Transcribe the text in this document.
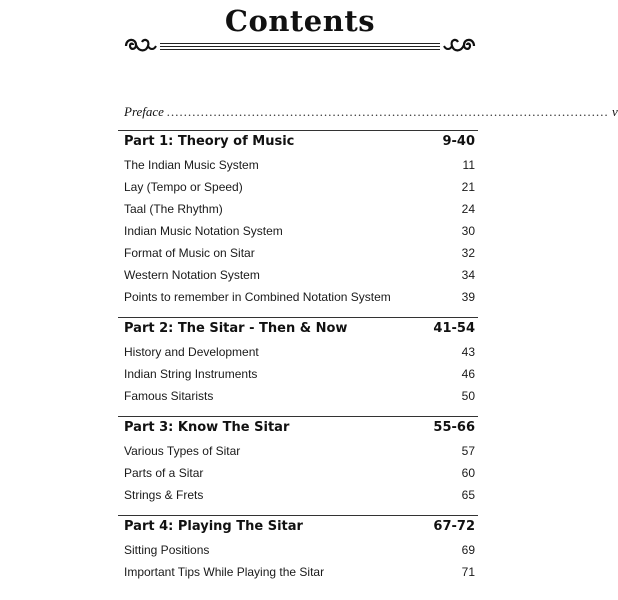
Contents
Preface ........................................................................................................ v
Part 1: Theory of Music	9-40
The Indian Music System	11
Lay (Tempo or Speed)	21
Taal (The Rhythm)	24
Indian Music Notation System	30
Format of Music on Sitar	32
Western Notation System	34
Points to remember in Combined Notation System	39
Part 2: The Sitar - Then & Now	41-54
History and Development	43
Indian String Instruments	46
Famous Sitarists	50
Part 3: Know The Sitar	55-66
Various Types of Sitar	57
Parts of a Sitar	60
Strings & Frets	65
Part 4: Playing The Sitar	67-72
Sitting Positions	69
Important Tips While Playing the Sitar	71
